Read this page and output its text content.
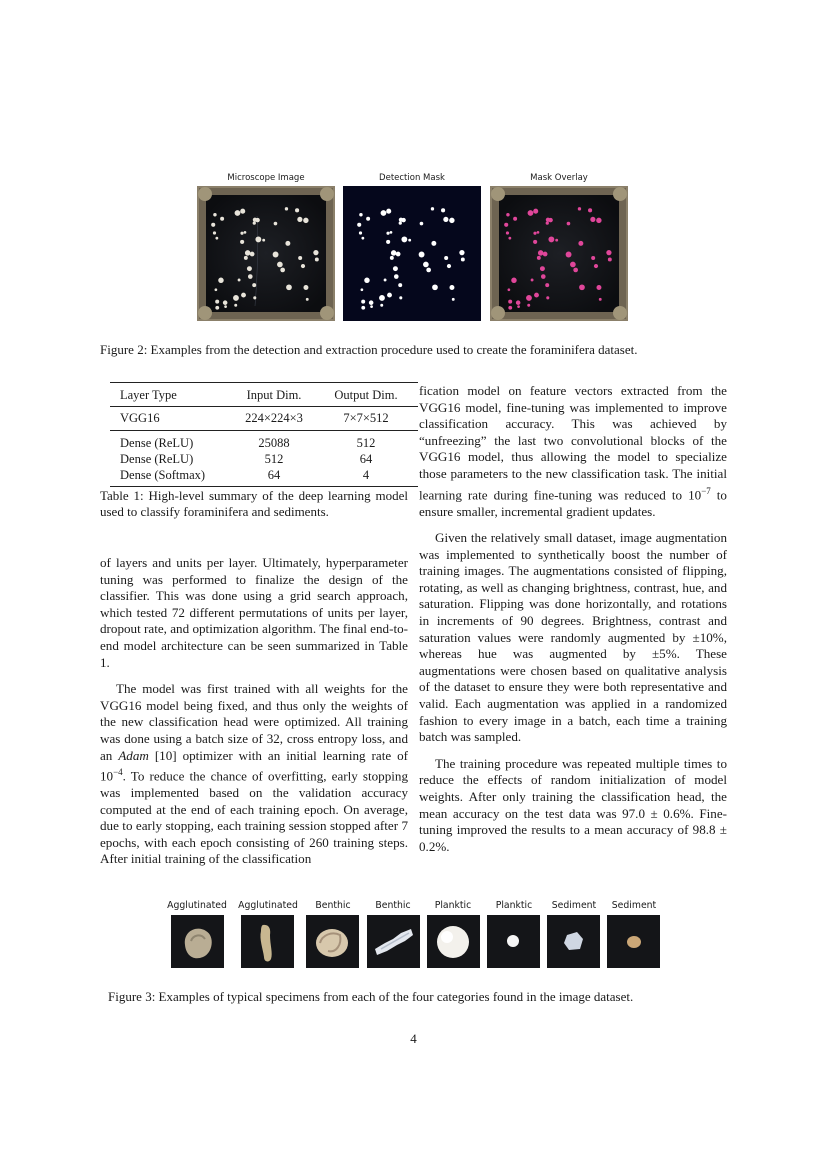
Microscope Image	Detection Mask	Mask Overlay
Figure 2: Examples from the detection and extraction procedure used to create the foraminifera dataset.
Layer Type	Input Dim.	Output Dim.
VGG16	224×224×3	7×7×512
Dense (ReLU)	25088	512
Dense (ReLU)	512	64
Dense (Softmax)	64	4
Table 1: High-level summary of the deep learning model used to classify foraminifera and sediments.

of layers and units per layer. Ultimately, hyperparameter tuning was performed to finalize the design of the classifier. This was done using a grid search approach, which tested 72 different permutations of units per layer, dropout rate, and optimization algorithm. The final end-to-end model architecture can be seen summarized in Table 1.

The model was first trained with all weights for the VGG16 model being fixed, and thus only the weights of the new classification head were optimized. All training was done using a batch size of 32, cross entropy loss, and an Adam [10] optimizer with an initial learning rate of $10^{-4}$. To reduce the chance of overfitting, early stopping was implemented based on the validation accuracy computed at the end of each training epoch. On average, due to early stopping, each training session stopped after 7 epochs, with each epoch consisting of 260 training steps. After initial training of the classification

fication model on feature vectors extracted from the VGG16 model, fine-tuning was implemented to improve classification accuracy. This was achieved by “unfreezing” the last two convolutional blocks of the VGG16 model, thus allowing the model to specialize those parameters to the new classification task. The initial learning rate during fine-tuning was reduced to $10^{-7}$ to ensure smaller, incremental gradient updates.

Given the relatively small dataset, image augmentation was implemented to synthetically boost the number of training images. The augmentations consisted of flipping, rotating, as well as changing brightness, contrast, hue, and saturation. Flipping was done horizontally, and rotations in increments of 90 degrees. Brightness, contrast and saturation values were randomly augmented by ±10%, whereas hue was augmented by ±5%. These augmentations were chosen based on qualitative analysis of the dataset to ensure they were both representative and valid. Each augmentation was applied in a randomized fashion to every image in a batch, each time a training batch was sampled.

The training procedure was repeated multiple times to reduce the effects of random initialization of model weights. After only training the classification head, the mean accuracy on the test data was 97.0 ± 0.6%. Fine-tuning improved the results to a mean accuracy of 98.8 ± 0.2%.

Agglutinated	Agglutinated	Benthic	Benthic	Planktic	Planktic	Sediment	Sediment
Figure 3: Examples of typical specimens from each of the four categories found in the image dataset.
4
